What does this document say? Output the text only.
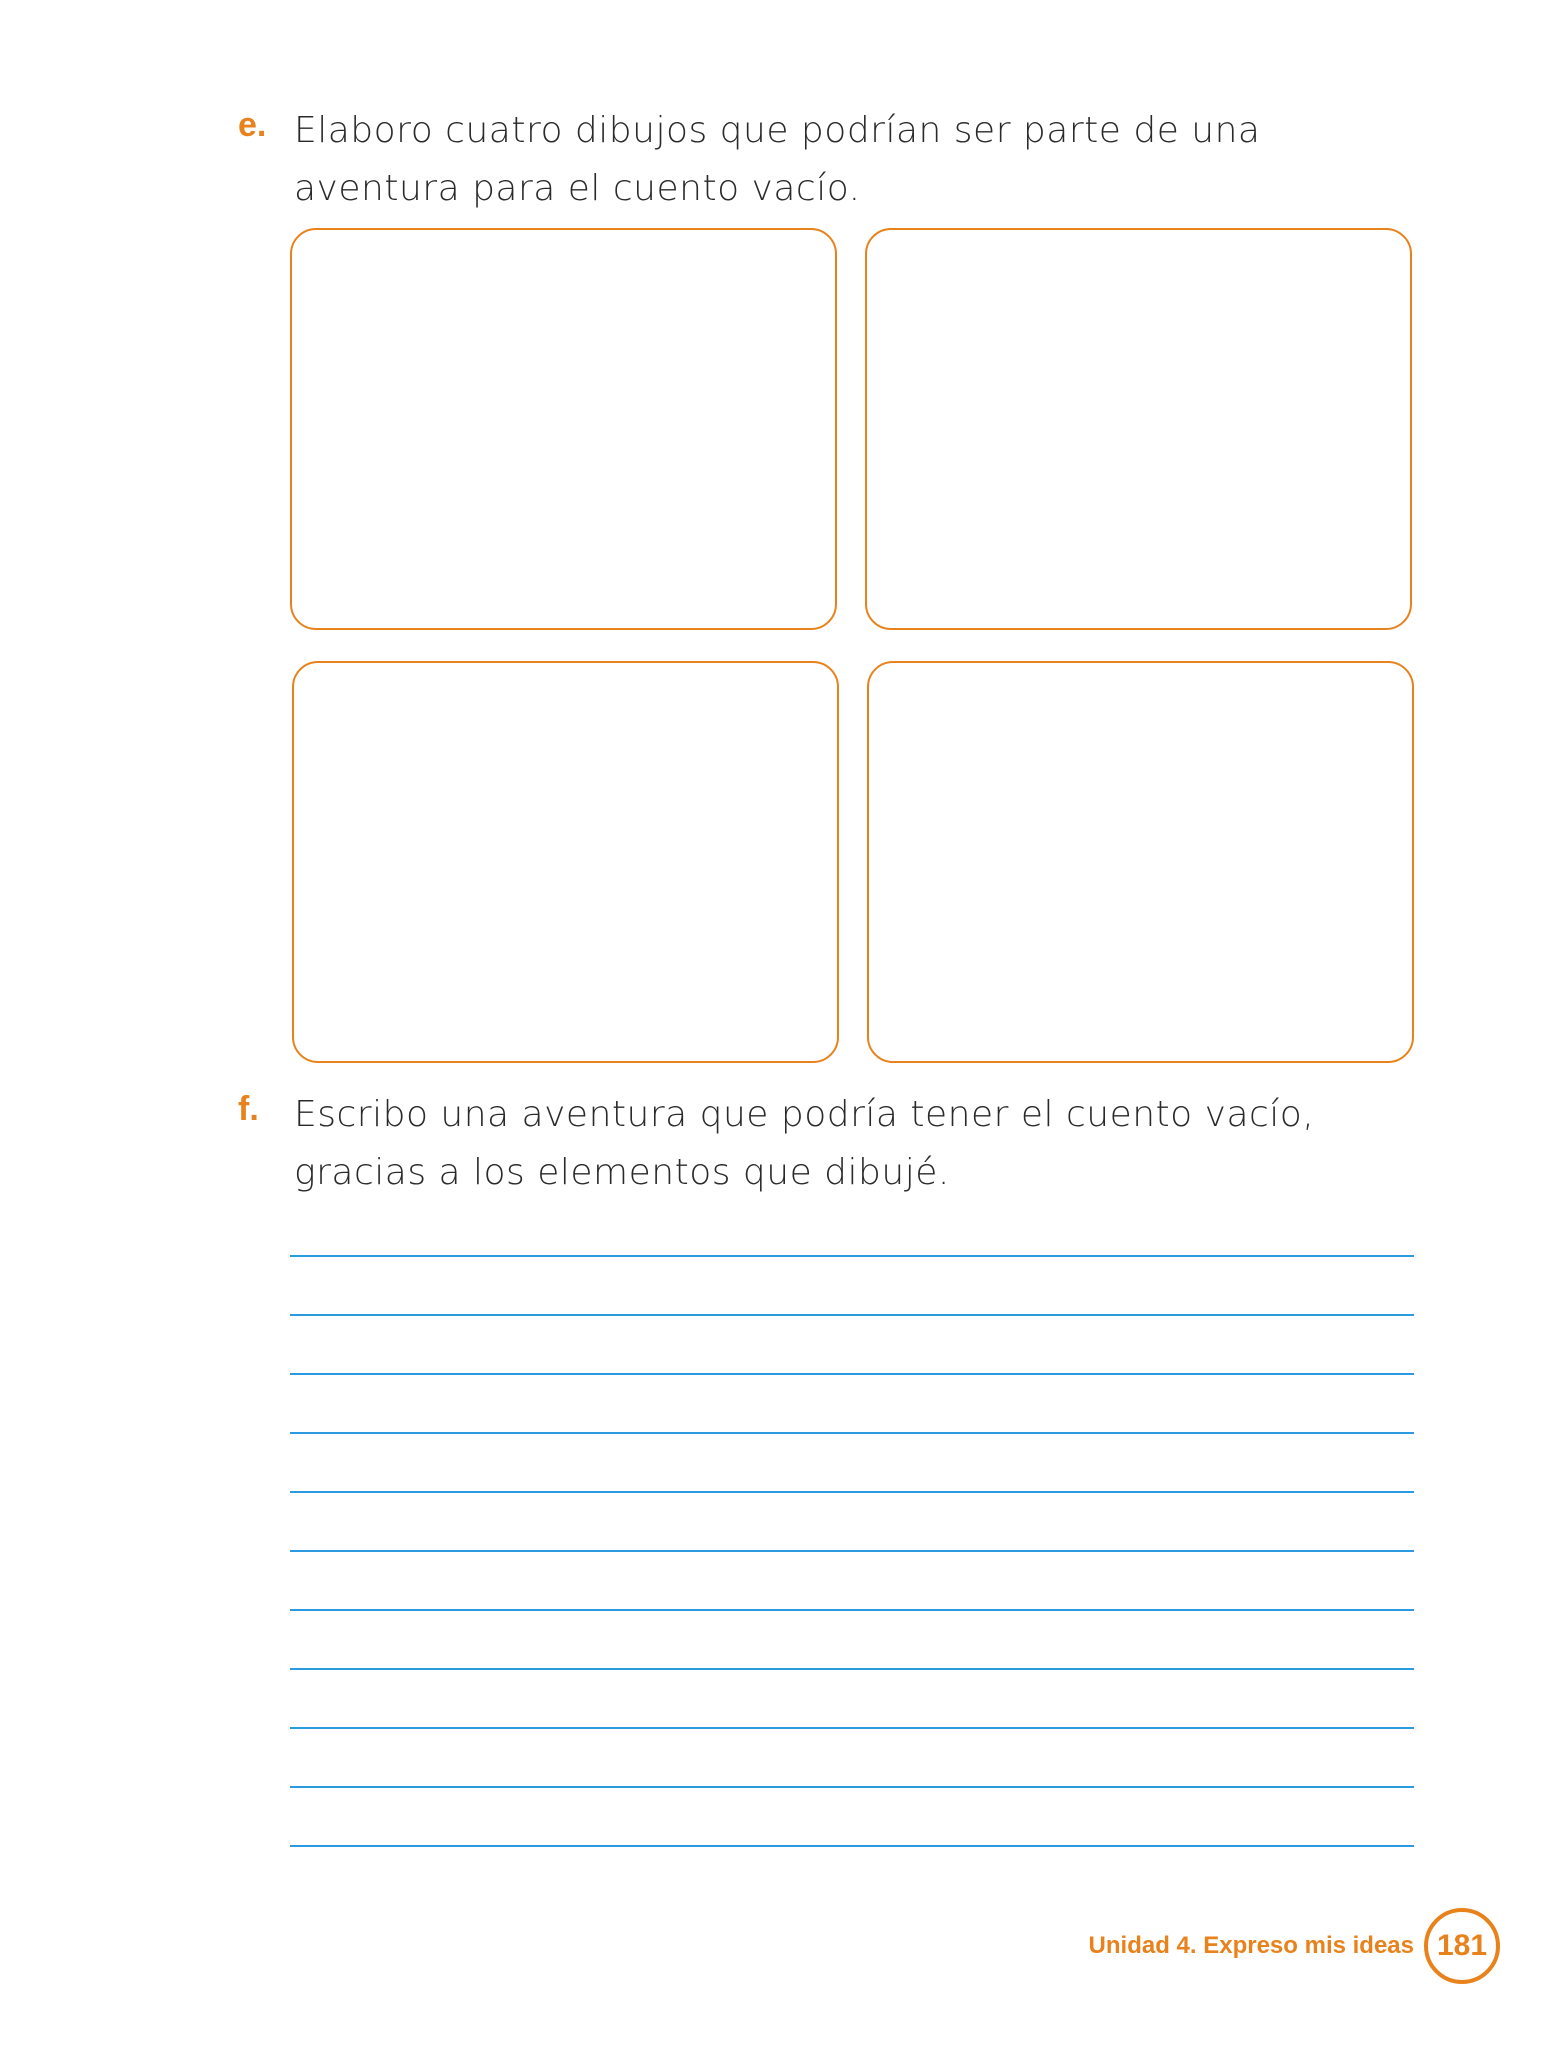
e. Elaboro cuatro dibujos que podrían ser parte de una aventura para el cuento vacío.

f. Escribo una aventura que podría tener el cuento vacío, gracias a los elementos que dibujé.

Unidad 4. Expreso mis ideas 181
